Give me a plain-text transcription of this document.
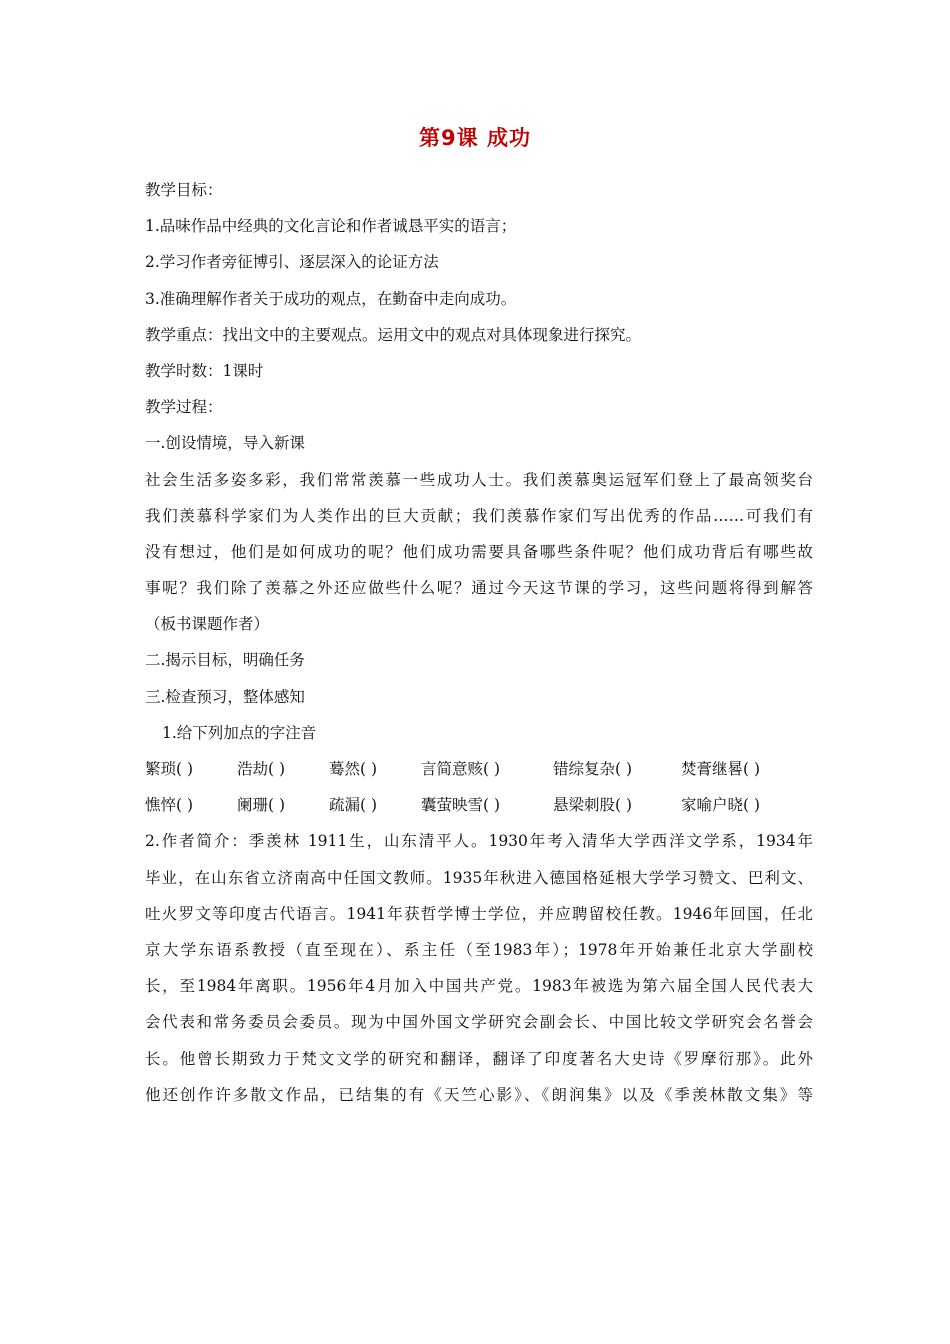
第9课 成功
教学目标：
1.品味作品中经典的文化言论和作者诚恳平实的语言；
2.学习作者旁征博引、逐层深入的论证方法
3.准确理解作者关于成功的观点，在勤奋中走向成功。
教学重点：找出文中的主要观点。运用文中的观点对具体现象进行探究。
教学时数：1课时
教学过程：
一.创设情境，导入新课
社会生活多姿多彩，我们常常羡慕一些成功人士。我们羡慕奥运冠军们登上了最高领奖台
我们羡慕科学家们为人类作出的巨大贡献；我们羡慕作家们写出优秀的作品……可我们有
没有想过，他们是如何成功的呢？他们成功需要具备哪些条件呢？他们成功背后有哪些故
事呢？我们除了羡慕之外还应做些什么呢？通过今天这节课的学习，这些问题将得到解答
（板书课题作者）
二.揭示目标，明确任务
三.检查预习，整体感知
1.给下列加点的字注音
繁琐( )	浩劫( )	蓦然( )	言简意赅( )	错综复杂( )	焚膏继晷( )
憔悴( )	阑珊( )	疏漏( )	囊萤映雪( )	悬梁刺股( )	家喻户晓( )
2.作者简介：季羡林 1911生，山东清平人。1930年考入清华大学西洋文学系，1934年
毕业，在山东省立济南高中任国文教师。1935年秋进入德国格延根大学学习赞文、巴利文、
吐火罗文等印度古代语言。1941年获哲学博士学位，并应聘留校任教。1946年回国，任北
京大学东语系教授（直至现在）、系主任（至1983年）；1978年开始兼任北京大学副校
长，至1984年离职。1956年4月加入中国共产党。1983年被选为第六届全国人民代表大
会代表和常务委员会委员。现为中国外国文学研究会副会长、中国比较文学研究会名誉会
长。他曾长期致力于梵文文学的研究和翻译，翻译了印度著名大史诗《罗摩衍那》。此外
他还创作许多散文作品，已结集的有《天竺心影》、《朗润集》以及《季羡林散文集》等
